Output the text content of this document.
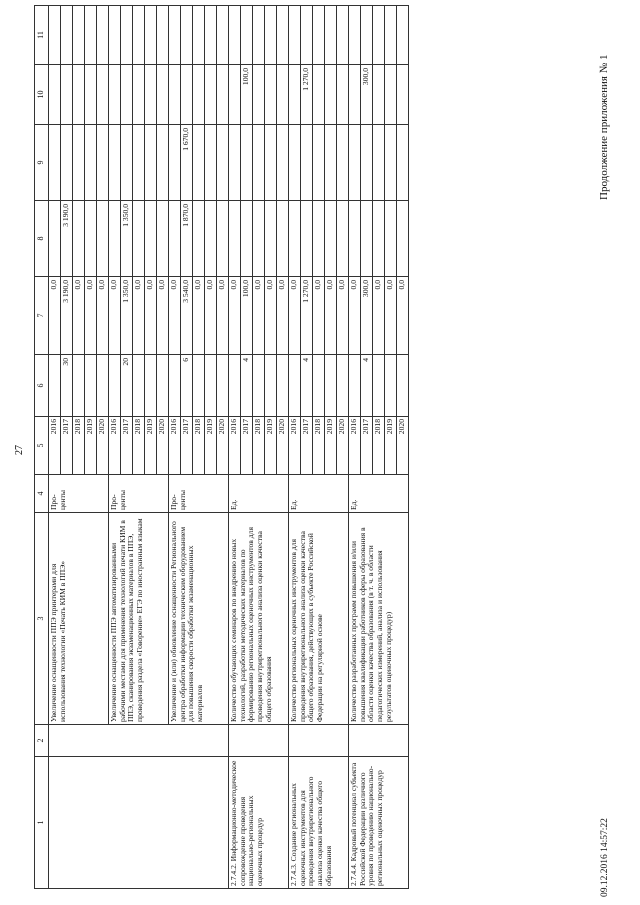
Продолжение приложения № 1
27
09.12.2016 14:57:22
1	2	3	4	5	6	7	8	9	10	11
		Увеличение оснащенности ППЭ принтерами для использования технологии «Печать КИМ в ППЭ»	Про-центы	2016		0,0				
				2017	30	3 190,0	3 190,0			
				2018		0,0				
				2019		0,0				
				2020		0,0				
		Увеличение оснащенности ППЭ автоматизированными рабочими местами для применения технологий печати КИМ в ППЭ, сканирования экзаменационных материалов в ППЭ, проведения раздела «Говорение» ЕГЭ по иностранным языкам	Про-центы	2016		0,0				
				2017	20	1 350,0	1 350,0			
				2018		0,0				
				2019		0,0				
				2020		0,0				
		Увеличение и (или) обновление оснащенности Регионального центра обработки информации техническим оборудованием для повышения скорости обработки экзаменационных материалов	Про-центы	2016		0,0				
				2017	6	3 540,0	1 870,0	1 670,0		
				2018		0,0				
				2019		0,0				
				2020		0,0				
2.7.4.2. Информационно-методическое сопровождение проведения национально-региональных оценочных процедур		Количество обучающих семинаров по внедрению новых технологий, разработки методических материалов по формированию региональных оценочных инструментов для проведения внутрирегионального анализа оценки качества общего образования	Ед.	2016		0,0				
				2017	4	100,0			100,0	
				2018		0,0				
				2019		0,0				
				2020		0,0				
2.7.4.3. Создание региональных оценочных инструментов для проведения внутрирегионального анализа оценки качества общего образования		Количество региональных оценочных инструментов для проведения внутрирегионального анализа оценки качества общего образования, действующих в субъекте Российской Федерации на регулярной основе	Ед.	2016		0,0				
				2017	4	1 270,0			1 270,0	
				2018		0,0				
				2019		0,0				
				2020		0,0				
2.7.4.4. Кадровый потенциал субъекта Российской Федерации различного уровня по проведению национально-региональных оценочных процедур		Количество разработанных программ повышения и/или повышения квалификации работников сферы образования в области оценки качества образования (в т. ч. в области педагогических измерений, анализа и использования результатов оценочных процедур)	Ед.	2016		0,0				
				2017	4	300,0			300,0	
				2018		0,0				
				2019		0,0				
				2020		0,0				
